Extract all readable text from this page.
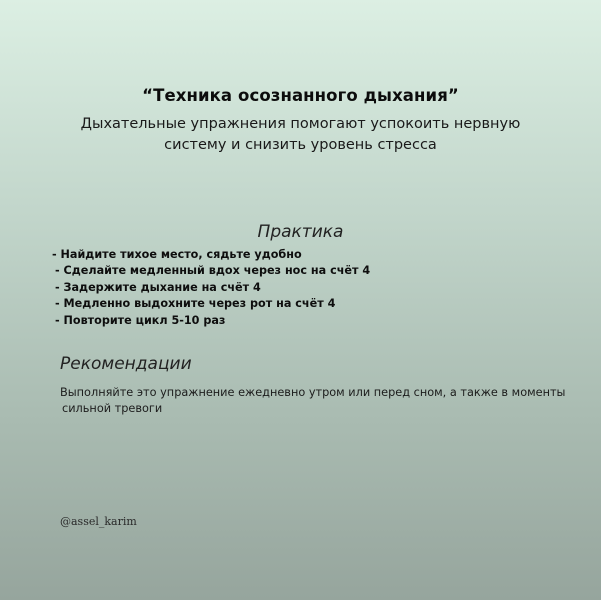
“Техника осознанного дыхания”
Дыхательные упражнения помогают успокоить нервную систему и снизить уровень стресса
Практика
- Найдите тихое место, сядьте удобно
- Сделайте медленный вдох через нос на счёт 4
- Задержите дыхание на счёт 4
- Медленно выдохните через рот на счёт 4
- Повторите цикл 5-10 раз
Рекомендации
Выполняйте это упражнение ежедневно утром или перед сном, а также в моменты
сильной тревоги
@assel_karim
